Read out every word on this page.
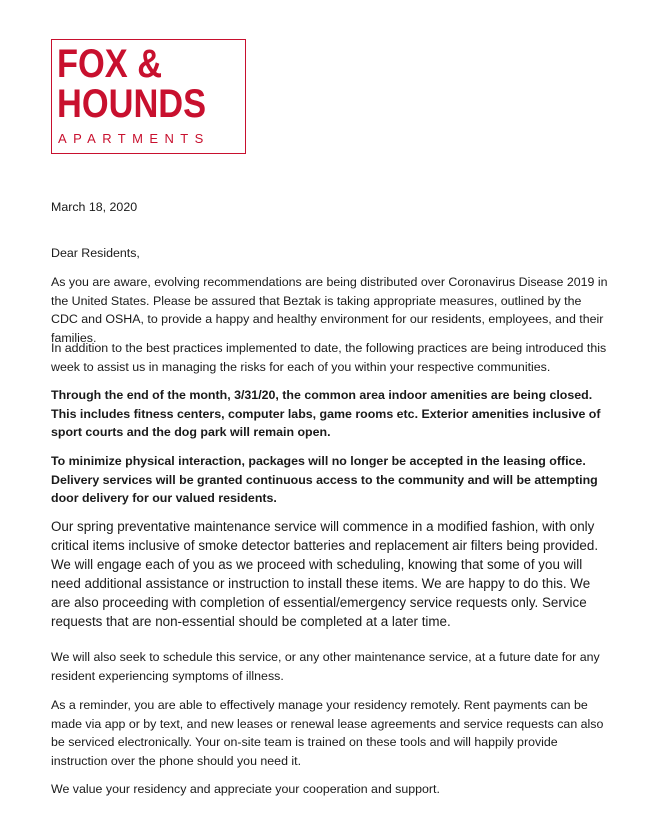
FOX &
HOUNDS
APARTMENTS

March 18, 2020

Dear Residents,

As you are aware, evolving recommendations are being distributed over Coronavirus Disease 2019 in the United States. Please be assured that Beztak is taking appropriate measures, outlined by the CDC and OSHA, to provide a happy and healthy environment for our residents, employees, and their families.

In addition to the best practices implemented to date, the following practices are being introduced this week to assist us in managing the risks for each of you within your respective communities.

Through the end of the month, 3/31/20, the common area indoor amenities are being closed. This includes fitness centers, computer labs, game rooms etc. Exterior amenities inclusive of sport courts and the dog park will remain open.

To minimize physical interaction, packages will no longer be accepted in the leasing office. Delivery services will be granted continuous access to the community and will be attempting door delivery for our valued residents.

Our spring preventative maintenance service will commence in a modified fashion, with only critical items inclusive of smoke detector batteries and replacement air filters being provided. We will engage each of you as we proceed with scheduling, knowing that some of you will need additional assistance or instruction to install these items. We are happy to do this. We are also proceeding with completion of essential/emergency service requests only. Service requests that are non-essential should be completed at a later time.

We will also seek to schedule this service, or any other maintenance service, at a future date for any resident experiencing symptoms of illness.

As a reminder, you are able to effectively manage your residency remotely. Rent payments can be made via app or by text, and new leases or renewal lease agreements and service requests can also be serviced electronically. Your on-site team is trained on these tools and will happily provide instruction over the phone should you need it.

We value your residency and appreciate your cooperation and support.
